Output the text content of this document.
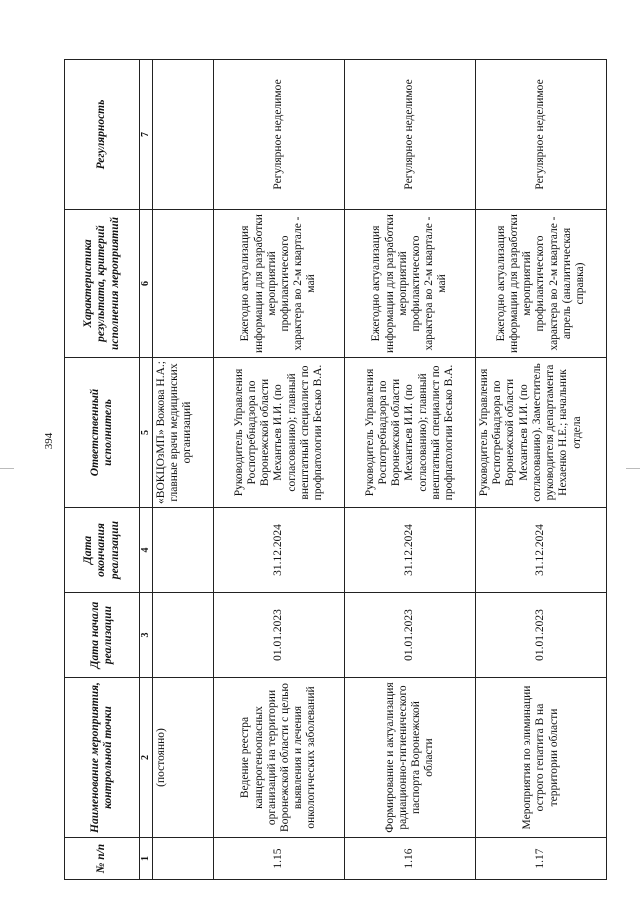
394
№ п/п	Наименование мероприятия, контрольной точки	Дата начала реализации	Дата окончания реализации	Ответственный исполнитель	Характеристика результата, критерий исполнения мероприятий	Регулярность
1	2	3	4	5	6	7
	(постоянно)			«ВОКЦОзМП» Вожова Н.А.; главные врачи медицинских организаций		
1.15	Ведение реестра канцерогеноопасных организаций на территории Воронежской области с целью выявления и лечения онкологических заболеваний	01.01.2023	31.12.2024	Руководитель Управления Роспотребнадзора по Воронежской области Механтьев И.И. (по согласованию); главный внештатный специалист по профпатологии Бесько В.А.	Ежегодно актуализация информации для разработки мероприятий профилактического характера во 2-м квартале - май	Регулярное неделимое
1.16	Формирование и актуализация радиационно-гигиенического паспорта Воронежской области	01.01.2023	31.12.2024	Руководитель Управления Роспотребнадзора по Воронежской области Механтьев И.И. (по согласованию); главный внештатный специалист по профпатологии Бесько В.А.	Ежегодно актуализация информации для разработки мероприятий профилактического характера во 2-м квартале - май	Регулярное неделимое
1.17	Мероприятия по элиминации острого гепатита В на территории области	01.01.2023	31.12.2024	Руководитель Управления Роспотребнадзора по Воронежской области Механтьев И.И. (по согласованию). Заместитель руководителя департамента Нехаенко Н.Е.; начальник отдела	Ежегодно актуализация информации для разработки мероприятий профилактического характера во 2-м квартале - апрель (аналитическая справка)	Регулярное неделимое
